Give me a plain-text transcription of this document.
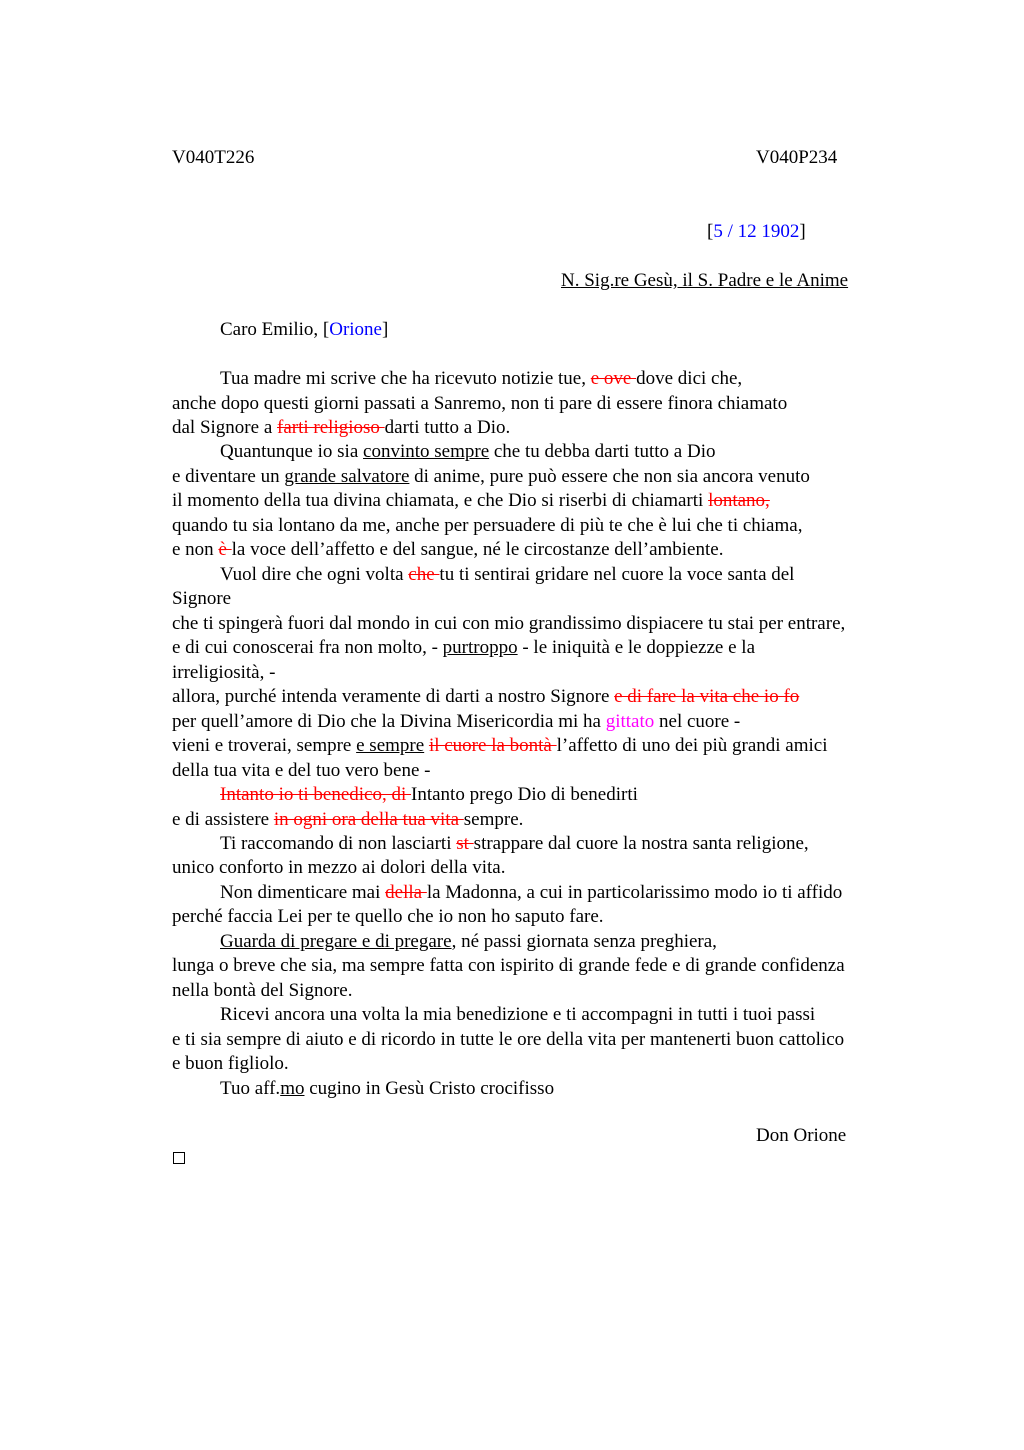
V040T226	V040P234
[5 / 12 1902]
N. Sig.re Gesù, il S. Padre e le Anime
Caro Emilio, [Orione]
Tua madre mi scrive che ha ricevuto notizie tue, e ove dove dici che,
anche dopo questi giorni passati a Sanremo, non ti pare di essere finora chiamato
dal Signore a farti religioso darti tutto a Dio.
Quantunque io sia convinto sempre che tu debba darti tutto a Dio
e diventare un grande salvatore di anime, pure può essere che non sia ancora venuto
il momento della tua divina chiamata, e che Dio si riserbi di chiamarti lontano,
quando tu sia lontano da me, anche per persuadere di più te che è lui che ti chiama,
e non è la voce dell’affetto e del sangue, né le circostanze dell’ambiente.
Vuol dire che ogni volta che tu ti sentirai gridare nel cuore la voce santa del
Signore
che ti spingerà fuori dal mondo in cui con mio grandissimo dispiacere tu stai per entrare,
e di cui conoscerai fra non molto, - purtroppo - le iniquità e le doppiezze e la
irreligiosità, -
allora, purché intenda veramente di darti a nostro Signore e di fare la vita che io fo
per quell’amore di Dio che la Divina Misericordia mi ha gittato nel cuore -
vieni e troverai, sempre e sempre il cuore la bontà l’affetto di uno dei più grandi amici
della tua vita e del tuo vero bene -
Intanto io ti benedico, di Intanto prego Dio di benedirti
e di assistere in ogni ora della tua vita sempre.
Ti raccomando di non lasciarti st strappare dal cuore la nostra santa religione,
unico conforto in mezzo ai dolori della vita.
Non dimenticare mai della la Madonna, a cui in particolarissimo modo io ti affido
perché faccia Lei per te quello che io non ho saputo fare.
Guarda di pregare e di pregare, né passi giornata senza preghiera,
lunga o breve che sia, ma sempre fatta con ispirito di grande fede e di grande confidenza
nella bontà del Signore.
Ricevi ancora una volta la mia benedizione e ti accompagni in tutti i tuoi passi
e ti sia sempre di aiuto e di ricordo in tutte le ore della vita per mantenerti buon cattolico
e buon figliolo.
Tuo aff.mo cugino in Gesù Cristo crocifisso
Don Orione
